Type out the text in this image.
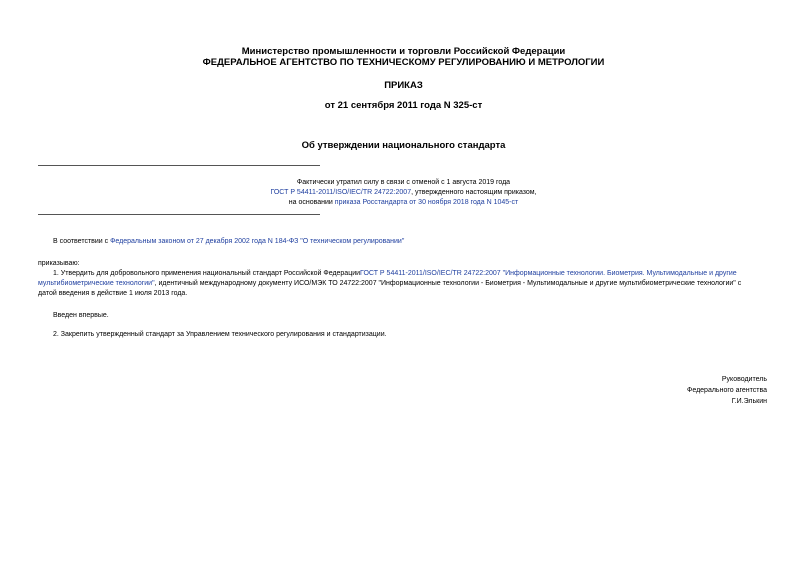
Министерство промышленности и торговли Российской Федерации
ФЕДЕРАЛЬНОЕ АГЕНТСТВО ПО ТЕХНИЧЕСКОМУ РЕГУЛИРОВАНИЮ И МЕТРОЛОГИИ
ПРИКАЗ
от 21 сентября 2011 года N 325-ст
Об утверждении национального стандарта
Фактически утратил силу в связи с отменой с 1 августа 2019 года
ГОСТ Р 54411-2011/ISO/IEC/TR 24722:2007, утвержденного настоящим приказом,
на основании приказа Росстандарта от 30 ноября 2018 года N 1045-ст
В соответствии с Федеральным законом от 27 декабря 2002 года N 184-ФЗ "О техническом регулировании"
приказываю:
1. Утвердить для добровольного применения национальный стандарт Российской ФедерацииГОСТ Р 54411-2011/ISO/IEC/TR 24722:2007 "Информационные технологии. Биометрия. Мультимодальные и другие
мультибиометрические технологии", идентичный международному документу ИСО/МЭК ТО 24722:2007 "Информационные технологии - Биометрия - Мультимодальные и другие мультибиометрические технологии" с
датой введения в действие 1 июля 2013 года.
Введен впервые.
2. Закрепить утвержденный стандарт за Управлением технического регулирования и стандартизации.
Руководитель
Федерального агентства
Г.И.Элькин
